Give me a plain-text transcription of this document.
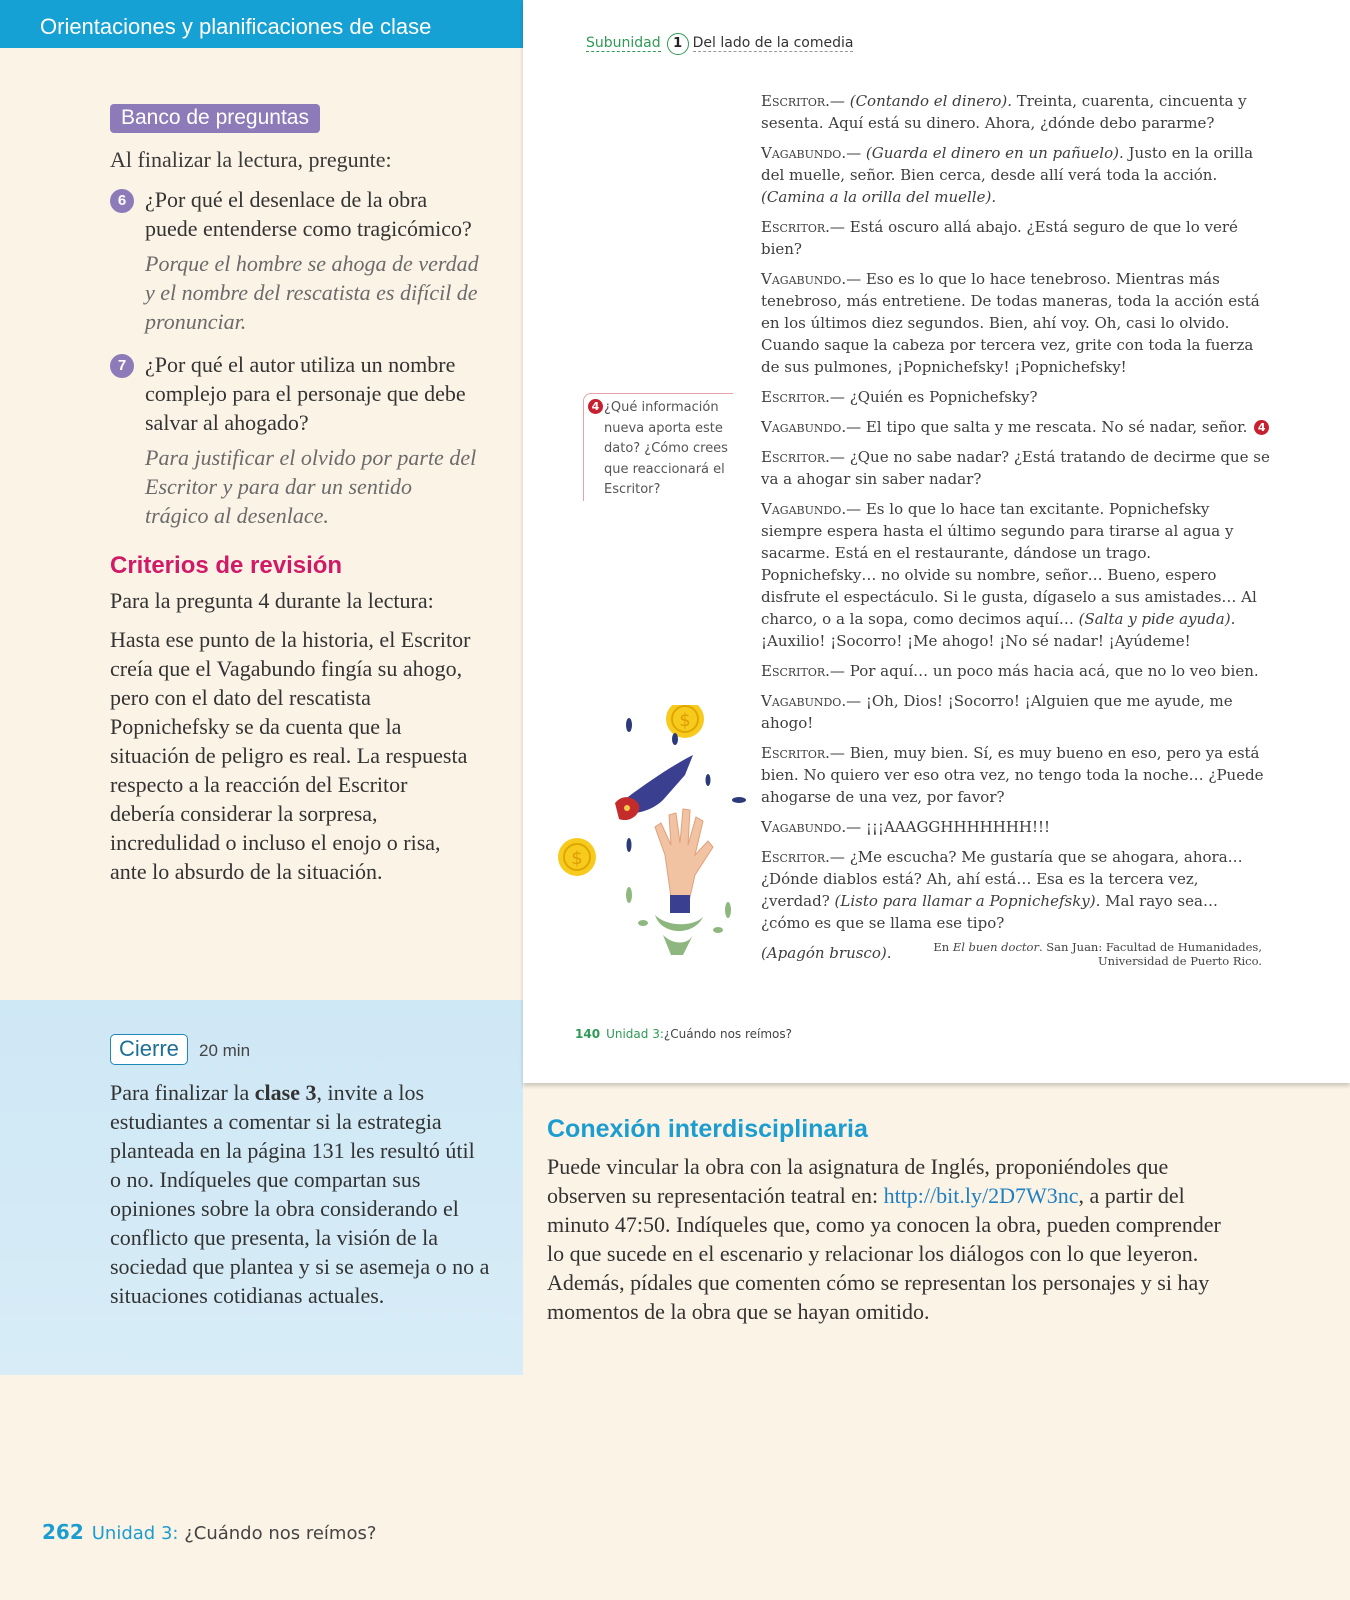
Orientaciones y planificaciones de clase
Banco de preguntas
Al finalizar la lectura, pregunte:
6 ¿Por qué el desenlace de la obra puede entenderse como tragicómico?
Porque el hombre se ahoga de verdad y el nombre del rescatista es difícil de pronunciar.
7 ¿Por qué el autor utiliza un nombre complejo para el personaje que debe salvar al ahogado?
Para justificar el olvido por parte del Escritor y para dar un sentido trágico al desenlace.
Criterios de revisión
Para la pregunta 4 durante la lectura:
Hasta ese punto de la historia, el Escritor creía que el Vagabundo fingía su ahogo, pero con el dato del rescatista Popnichefsky se da cuenta que la situación de peligro es real. La respuesta respecto a la reacción del Escritor debería considerar la sorpresa, incredulidad o incluso el enojo o risa, ante lo absurdo de la situación.
Cierre 20 min
Para finalizar la clase 3, invite a los estudiantes a comentar si la estrategia planteada en la página 131 les resultó útil o no. Indíqueles que compartan sus opiniones sobre la obra considerando el conflicto que presenta, la visión de la sociedad que plantea y si se asemeja o no a situaciones cotidianas actuales.
Subunidad 1 Del lado de la comedia
4 ¿Qué información nueva aporta este dato? ¿Cómo crees que reaccionará el Escritor?

Escritor.— (Contando el dinero). Treinta, cuarenta, cincuenta y sesenta. Aquí está su dinero. Ahora, ¿dónde debo pararme?

Vagabundo.— (Guarda el dinero en un pañuelo). Justo en la orilla del muelle, señor. Bien cerca, desde allí verá toda la acción. (Camina a la orilla del muelle).

Escritor.— Está oscuro allá abajo. ¿Está seguro de que lo veré bien?

Vagabundo.— Eso es lo que lo hace tenebroso. Mientras más tenebroso, más entretiene. De todas maneras, toda la acción está en los últimos diez segundos. Bien, ahí voy. Oh, casi lo olvido. Cuando saque la cabeza por tercera vez, grite con toda la fuerza de sus pulmones, ¡Popnichefsky! ¡Popnichefsky!

Escritor.— ¿Quién es Popnichefsky?

Vagabundo.— El tipo que salta y me rescata. No sé nadar, señor. 4

Escritor.— ¿Que no sabe nadar? ¿Está tratando de decirme que se va a ahogar sin saber nadar?

Vagabundo.— Es lo que lo hace tan excitante. Popnichefsky siempre espera hasta el último segundo para tirarse al agua y sacarme. Está en el restaurante, dándose un trago. Popnichefsky… no olvide su nombre, señor… Bueno, espero disfrute el espectáculo. Si le gusta, dígaselo a sus amistades… Al charco, o a la sopa, como decimos aquí… (Salta y pide ayuda). ¡Auxilio! ¡Socorro! ¡Me ahogo! ¡No sé nadar! ¡Ayúdeme!

Escritor.— Por aquí… un poco más hacia acá, que no lo veo bien.

Vagabundo.— ¡Oh, Dios! ¡Socorro! ¡Alguien que me ayude, me ahogo!

Escritor.— Bien, muy bien. Sí, es muy bueno en eso, pero ya está bien. No quiero ver eso otra vez, no tengo toda la noche… ¿Puede ahogarse de una vez, por favor?

Vagabundo.— ¡¡¡AAAGGHHHHHHH!!!

Escritor.— ¿Me escucha? Me gustaría que se ahogara, ahora… ¿Dónde diablos está? Ah, ahí está… Esa es la tercera vez, ¿verdad? (Listo para llamar a Popnichefsky). Mal rayo sea… ¿cómo es que se llama ese tipo?

(Apagón brusco).

$
$
En El buen doctor. San Juan: Facultad de Humanidades,
Universidad de Puerto Rico.
140 Unidad 3:¿Cuándo nos reímos?
Conexión interdisciplinaria
Puede vincular la obra con la asignatura de Inglés, proponiéndoles que observen su representación teatral en: http://bit.ly/2D7W3nc, a partir del minuto 47:50. Indíqueles que, como ya conocen la obra, pueden comprender lo que sucede en el escenario y relacionar los diálogos con lo que leyeron. Además, pídales que comenten cómo se representan los personajes y si hay momentos de la obra que se hayan omitido.
262 Unidad 3: ¿Cuándo nos reímos?
